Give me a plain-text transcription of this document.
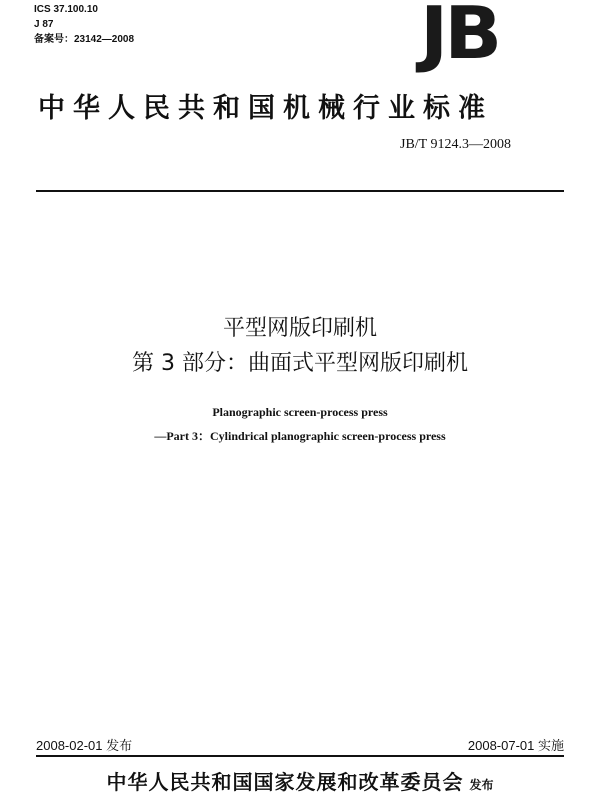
ICS 37.100.10
J 87
备案号：23142—2008	JB
中华人民共和国机械行业标准
JB/T 9124.3—2008
平型网版印刷机
第 3 部分：曲面式平型网版印刷机
Planographic screen-process press
—Part 3：Cylindrical planographic screen-process press
2008-02-01 发布	2008-07-01 实施
中华人民共和国国家发展和改革委员会 发布
